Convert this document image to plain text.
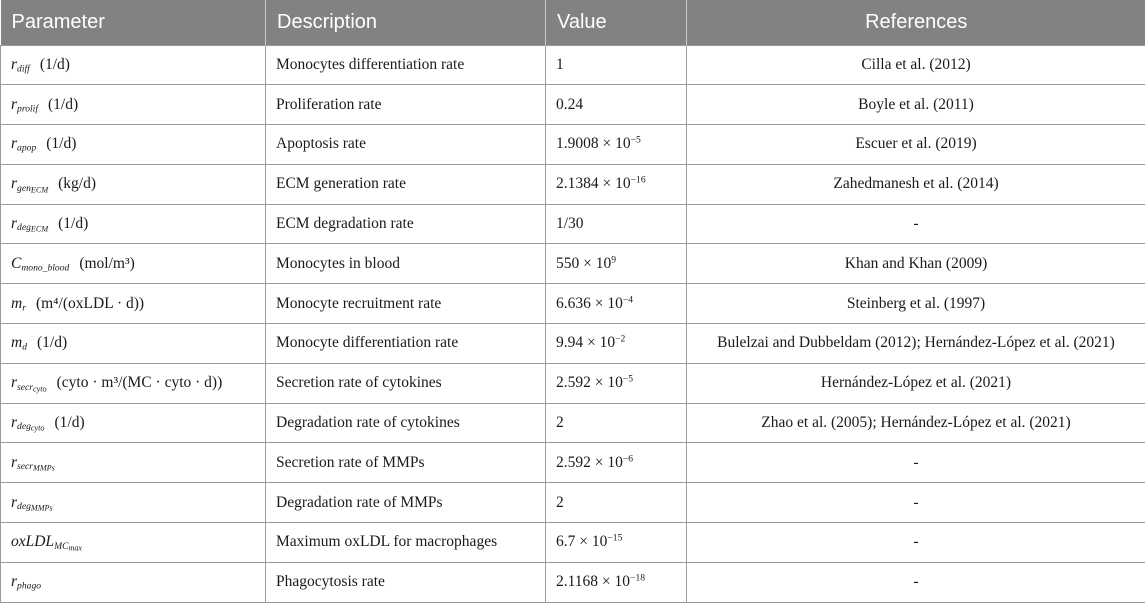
Parameter	Description	Value	References
$r_{diff}$ (1/d)	Monocytes differentiation rate	1	Cilla et al. (2012)
$r_{prolif}$ (1/d)	Proliferation rate	0.24	Boyle et al. (2011)
$r_{apop}$ (1/d)	Apoptosis rate	$1.9008 \times 10^{-5}$	Escuer et al. (2019)
$r_{gen_{ECM}}$ (kg/d)	ECM generation rate	$2.1384 \times 10^{-16}$	Zahedmanesh et al. (2014)
$r_{deg_{ECM}}$ (1/d)	ECM degradation rate	1/30	-
$C_{mono\_blood}$ (mol/m³)	Monocytes in blood	$550 \times 10^9$	Khan and Khan (2009)
$m_r$ (m⁴/(oxLDL · d))	Monocyte recruitment rate	$6.636 \times 10^{-4}$	Steinberg et al. (1997)
$m_d$ (1/d)	Monocyte differentiation rate	$9.94 \times 10^{-2}$	Bulelzai and Dubbeldam (2012); Hernández-López et al. (2021)
$r_{secr_{cyto}}$ (cyto · m³/(MC · cyto · d))	Secretion rate of cytokines	$2.592 \times 10^{-5}$	Hernández-López et al. (2021)
$r_{deg_{cyto}}$ (1/d)	Degradation rate of cytokines	2	Zhao et al. (2005); Hernández-López et al. (2021)
$r_{secr_{MMPs}}$	Secretion rate of MMPs	$2.592 \times 10^{-6}$	-
$r_{deg_{MMPs}}$	Degradation rate of MMPs	2	-
oxLDL$_{MC_{max}}$	Maximum oxLDL for macrophages	$6.7 \times 10^{-15}$	-
$r_{phago}$	Phagocytosis rate	$2.1168 \times 10^{-18}$	-
